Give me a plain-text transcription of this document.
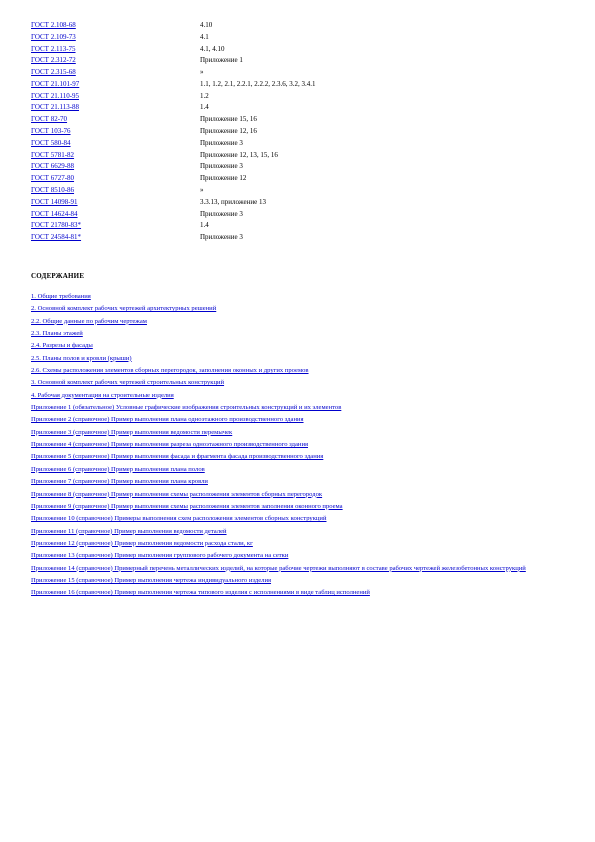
ГОСТ 2.108-68	4.10
ГОСТ 2.109-73	4.1
ГОСТ 2.113-75	4.1, 4.10
ГОСТ 2.312-72	Приложение 1
ГОСТ 2.315-68	»
ГОСТ 21.101-97	1.1, 1.2, 2.1, 2.2.1, 2.2.2, 2.3.6, 3.2, 3.4.1
ГОСТ 21.110-95	1.2
ГОСТ 21.113-88	1.4
ГОСТ 82-70	Приложение 15, 16
ГОСТ 103-76	Приложение 12, 16
ГОСТ 580-84	Приложение 3
ГОСТ 5781-82	Приложение 12, 13, 15, 16
ГОСТ 6629-88	Приложение 3
ГОСТ 6727-80	Приложение 12
ГОСТ 8510-86	»
ГОСТ 14098-91	3.3.13, приложение 13
ГОСТ 14624-84	Приложение 3
ГОСТ 21780-83*	1.4
ГОСТ 24584-81*	Приложение 3
СОДЕРЖАНИЕ
1. Общие требования
2. Основной комплект рабочих чертежей архитектурных решений
2.2. Общие данные по рабочим чертежам
2.3. Планы этажей
2.4. Разрезы и фасады
2.5. Планы полов и кровли (крыши)
2.6. Схемы расположения элементов сборных перегородок, заполнения оконных и других проемов
3. Основной комплект рабочих чертежей строительных конструкций
4. Рабочая документация на строительные изделия
Приложение 1 (обязательное) Условные графические изображения строительных конструкций и их элементов
Приложение 2 (справочное) Пример выполнения плана одноэтажного производственного здания
Приложение 3 (справочное) Пример выполнения ведомости перемычек
Приложение 4 (справочное) Пример выполнения разреза одноэтажного производственного здания
Приложение 5 (справочное) Пример выполнения фасада и фрагмента фасада производственного здания
Приложение 6 (справочное) Пример выполнения плана полов
Приложение 7 (справочное) Пример выполнения плана кровли
Приложение 8 (справочное) Пример выполнения схемы расположения элементов сборных перегородок
Приложение 9 (справочное) Пример выполнения схемы расположения элементов заполнения оконного проема
Приложение 10 (справочное) Примеры выполнения схем расположения элементов сборных конструкций
Приложение 11 (справочное) Пример выполнения ведомости деталей
Приложение 12 (справочное) Пример выполнения ведомости расхода стали, кг
Приложение 13 (справочное) Пример выполнения группового рабочего документа на сетки
Приложение 14 (справочное) Примерный перечень металлических изделий, на которые рабочие чертежи выполняют в составе рабочих чертежей железобетонных конструкций
Приложение 15 (справочное) Пример выполнения чертежа индивидуального изделия
Приложение 16 (справочное) Пример выполнения чертежа типового изделия с исполнениями в виде таблиц исполнений
